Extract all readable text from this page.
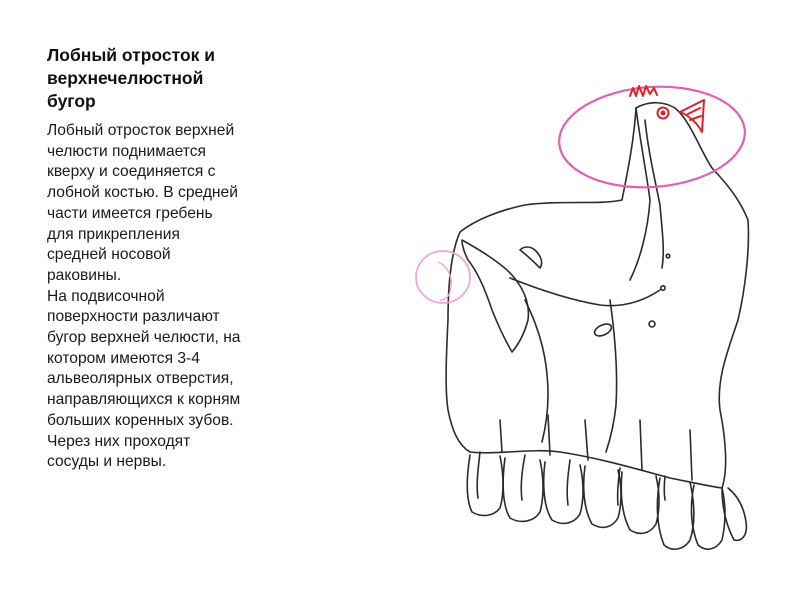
Лобный отросток и
верхнечелюстной
бугор

Лобный отросток верхней
челюсти поднимается
кверху и соединяется с
лобной костью. В средней
части имеется гребень
для прикрепления
средней носовой
раковины.
На подвисочной
поверхности различают
бугор верхней челюсти, на
котором имеются 3-4
альвеолярных отверстия,
направляющихся к корням
больших коренных зубов.
Через них проходят
сосуды и нервы.
